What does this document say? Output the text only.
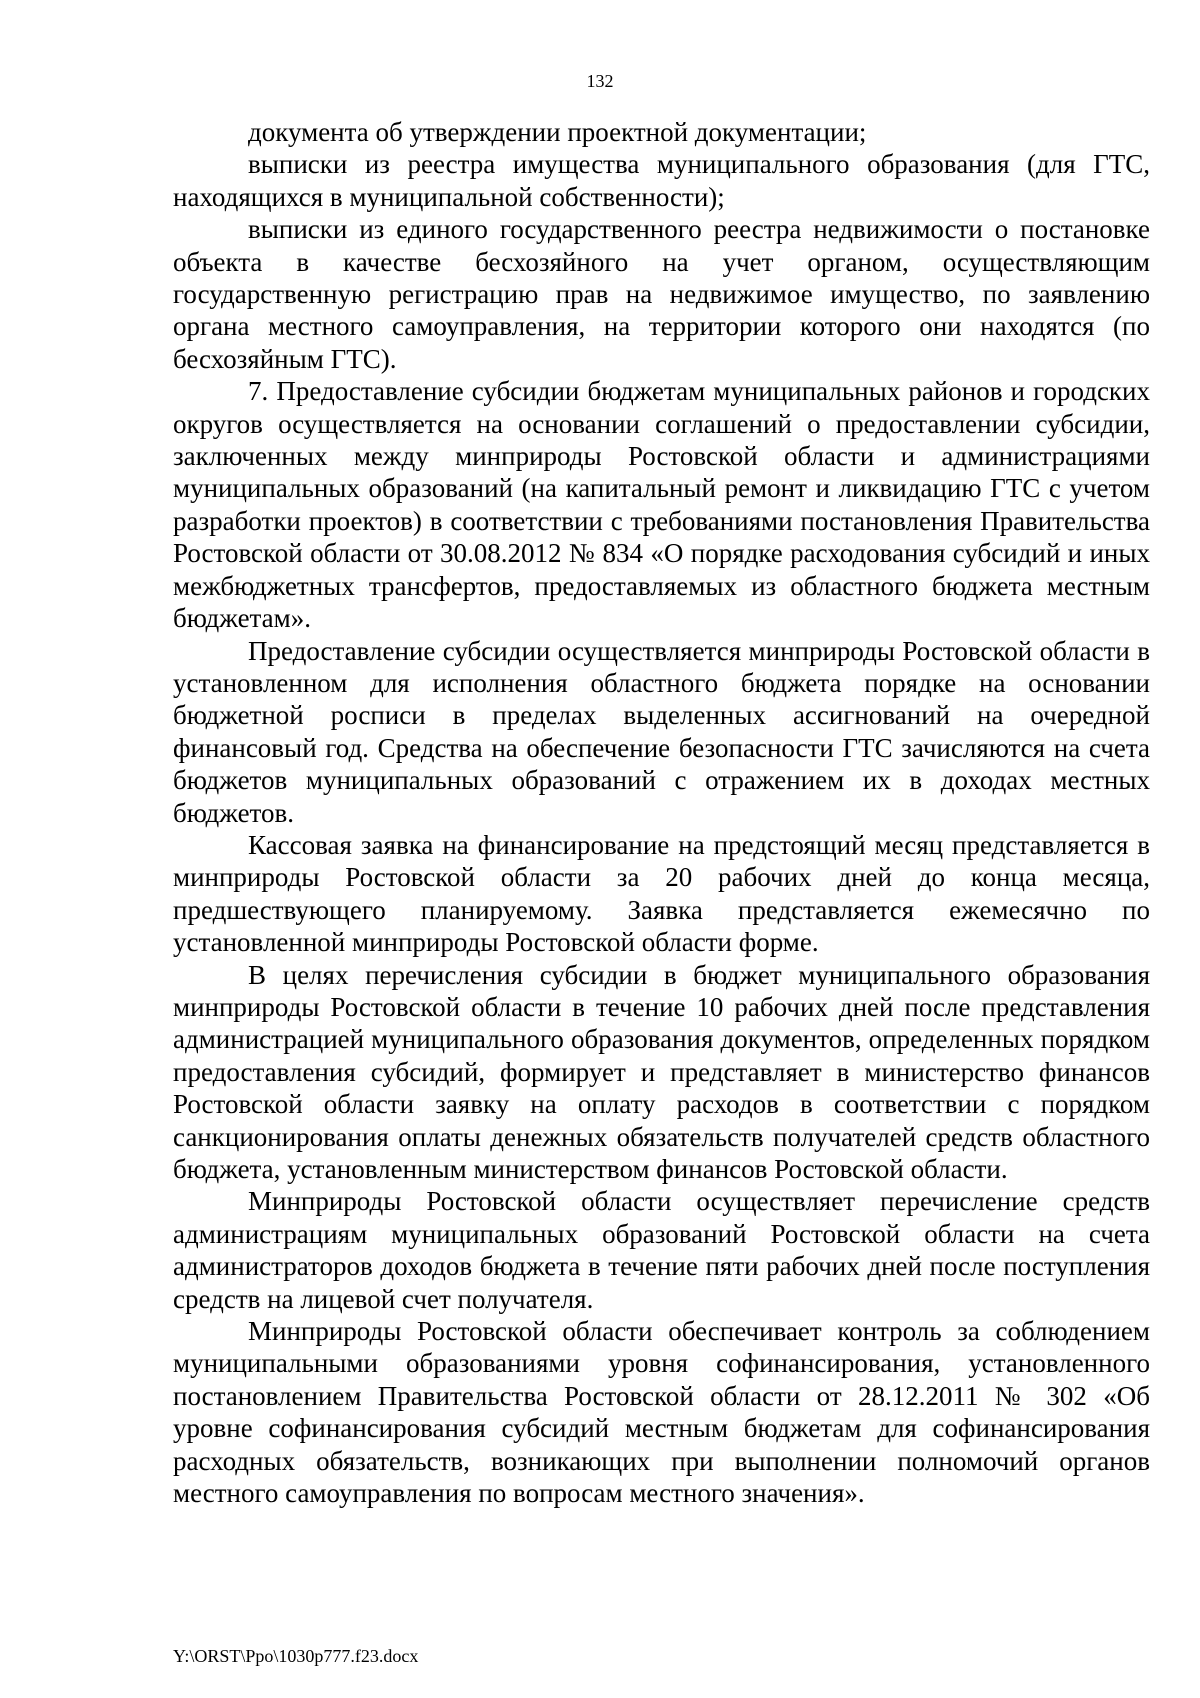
132

документа об утверждении проектной документации;

выписки из реестра имущества муниципального образования (для ГТС, находящихся в муниципальной собственности);

выписки из единого государственного реестра недвижимости о постановке объекта в качестве бесхозяйного на учет органом, осуществляющим государственную регистрацию прав на недвижимое имущество, по заявлению органа местного самоуправления, на территории которого они находятся (по бесхозяйным ГТС).

7. Предоставление субсидии бюджетам муниципальных районов и городских округов осуществляется на основании соглашений о предоставлении субсидии, заключенных между минприроды Ростовской области и администрациями муниципальных образований (на капитальный ремонт и ликвидацию ГТС с учетом разработки проектов) в соответствии с требованиями постановления Правительства Ростовской области от 30.08.2012 № 834 «О порядке расходования субсидий и иных межбюджетных трансфертов, предоставляемых из областного бюджета местным бюджетам».

Предоставление субсидии осуществляется минприроды Ростовской области в установленном для исполнения областного бюджета порядке на основании бюджетной росписи в пределах выделенных ассигнований на очередной финансовый год. Средства на обеспечение безопасности ГТС зачисляются на счета бюджетов муниципальных образований с отражением их в доходах местных бюджетов.

Кассовая заявка на финансирование на предстоящий месяц представляется в минприроды Ростовской области за 20 рабочих дней до конца месяца, предшествующего планируемому. Заявка представляется ежемесячно по установленной минприроды Ростовской области форме.

В целях перечисления субсидии в бюджет муниципального образования минприроды Ростовской области в течение 10 рабочих дней после представления администрацией муниципального образования документов, определенных порядком предоставления субсидий, формирует и представляет в министерство финансов Ростовской области заявку на оплату расходов в соответствии с порядком санкционирования оплаты денежных обязательств получателей средств областного бюджета, установленным министерством финансов Ростовской области.

Минприроды Ростовской области осуществляет перечисление средств администрациям муниципальных образований Ростовской области на счета администраторов доходов бюджета в течение пяти рабочих дней после поступления средств на лицевой счет получателя.

Минприроды Ростовской области обеспечивает контроль за соблюдением муниципальными образованиями уровня софинансирования, установленного постановлением Правительства Ростовской области от 28.12.2011 № 302 «Об уровне софинансирования субсидий местным бюджетам для софинансирования расходных обязательств, возникающих при выполнении полномочий органов местного самоуправления по вопросам местного значения».

Y:\ORST\Ppo\1030p777.f23.docx
